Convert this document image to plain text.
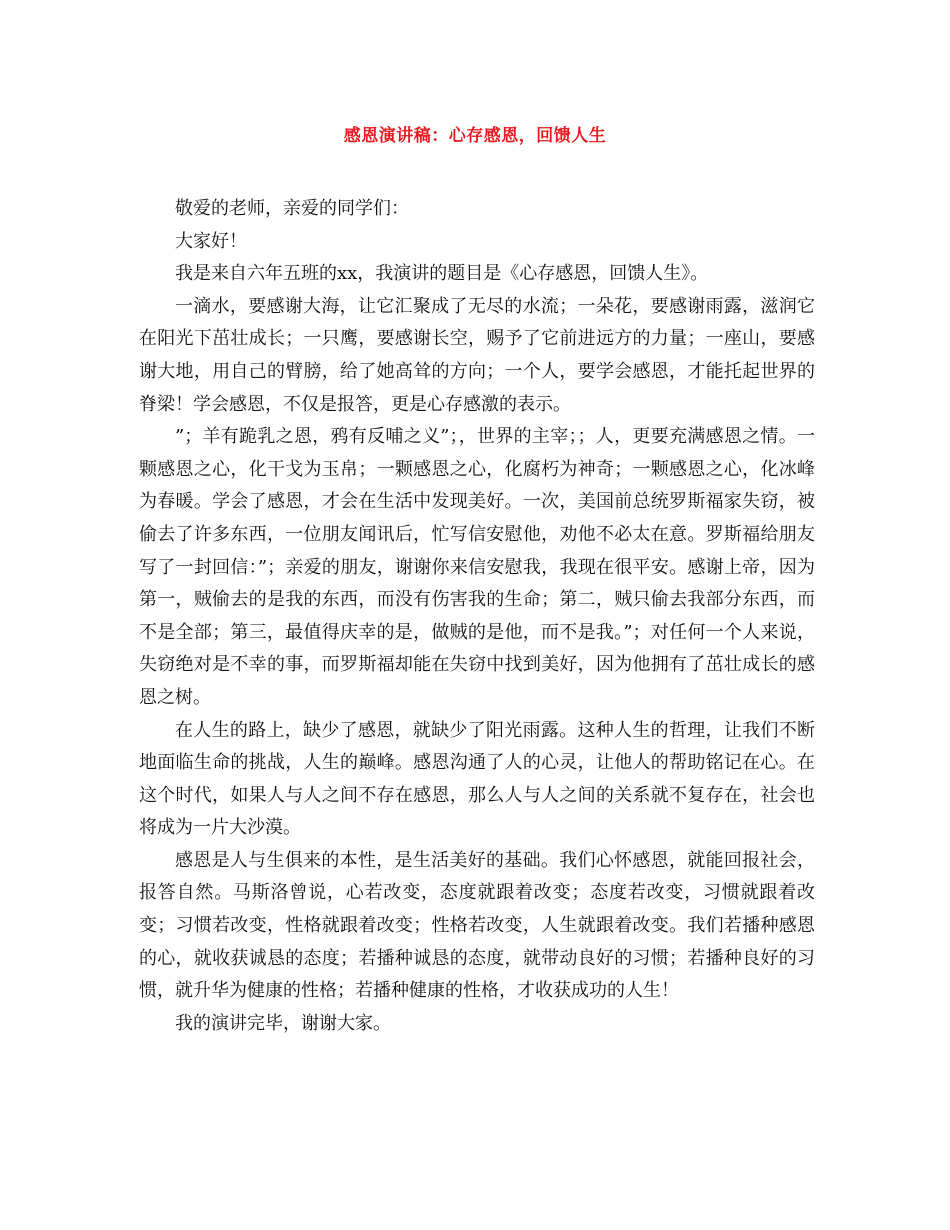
感恩演讲稿：心存感恩，回馈人生

敬爱的老师，亲爱的同学们：

大家好！

我是来自六年五班的xx，我演讲的题目是《心存感恩，回馈人生》。

一滴水，要感谢大海，让它汇聚成了无尽的水流；一朵花，要感谢雨露，滋润它在阳光下茁壮成长；一只鹰，要感谢长空，赐予了它前进远方的力量；一座山，要感谢大地，用自己的臂膀，给了她高耸的方向；一个人，要学会感恩，才能托起世界的脊梁！学会感恩，不仅是报答，更是心存感激的表示。

”；羊有跪乳之恩，鸦有反哺之义”；，世界的主宰；；人，更要充满感恩之情。一颗感恩之心，化干戈为玉帛；一颗感恩之心，化腐朽为神奇；一颗感恩之心，化冰峰为春暖。学会了感恩，才会在生活中发现美好。一次，美国前总统罗斯福家失窃，被偷去了许多东西，一位朋友闻讯后，忙写信安慰他，劝他不必太在意。罗斯福给朋友写了一封回信：”；亲爱的朋友，谢谢你来信安慰我，我现在很平安。感谢上帝，因为第一，贼偷去的是我的东西，而没有伤害我的生命；第二，贼只偷去我部分东西，而不是全部；第三，最值得庆幸的是，做贼的是他，而不是我。”；对任何一个人来说，失窃绝对是不幸的事，而罗斯福却能在失窃中找到美好，因为他拥有了茁壮成长的感恩之树。

在人生的路上，缺少了感恩，就缺少了阳光雨露。这种人生的哲理，让我们不断地面临生命的挑战，人生的巅峰。感恩沟通了人的心灵，让他人的帮助铭记在心。在这个时代，如果人与人之间不存在感恩，那么人与人之间的关系就不复存在，社会也将成为一片大沙漠。

感恩是人与生俱来的本性，是生活美好的基础。我们心怀感恩，就能回报社会，报答自然。马斯洛曾说，心若改变，态度就跟着改变；态度若改变，习惯就跟着改变；习惯若改变，性格就跟着改变；性格若改变，人生就跟着改变。我们若播种感恩的心，就收获诚恳的态度；若播种诚恳的态度，就带动良好的习惯；若播种良好的习惯，就升华为健康的性格；若播种健康的性格，才收获成功的人生！

我的演讲完毕，谢谢大家。
